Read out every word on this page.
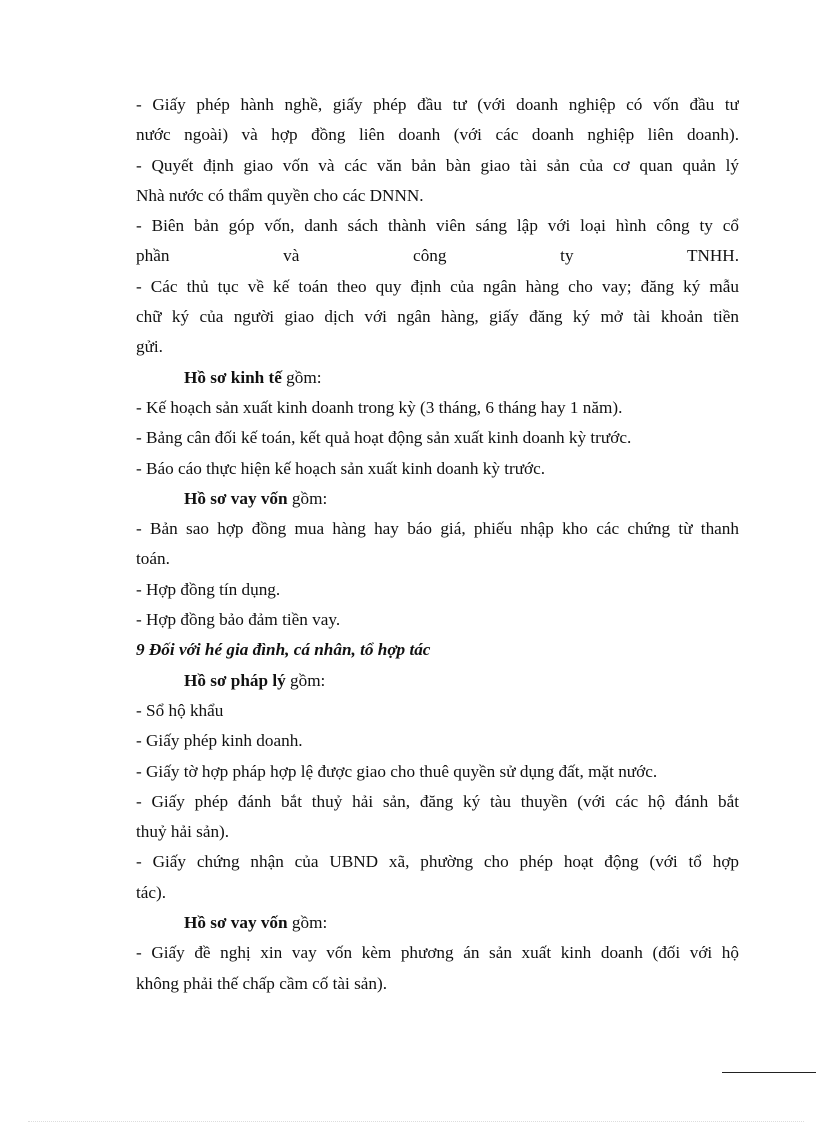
- Giấy phép hành nghề, giấy phép đầu tư (với doanh nghiệp có vốn đầu tư
nước ngoài) và hợp đồng liên doanh (với các doanh nghiệp liên doanh).
- Quyết định giao vốn và các văn bản bàn giao tài sản của cơ quan quản lý
Nhà nước có thẩm quyền cho các DNNN.
- Biên bản góp vốn, danh sách thành viên sáng lập với loại hình công ty cổ
phần và công ty TNHH.
- Các thủ tục về kế toán theo quy định của ngân hàng cho vay; đăng ký mẫu
chữ ký của người giao dịch với ngân hàng, giấy đăng ký mở tài khoản tiền
gửi.
Hồ sơ kinh tế gồm:
- Kế hoạch sản xuất kinh doanh trong kỳ (3 tháng, 6 tháng hay 1 năm).
- Bảng cân đối kế toán, kết quả hoạt động sản xuất kinh doanh kỳ trước.
- Báo cáo thực hiện kế hoạch sản xuất kinh doanh kỳ trước.
Hồ sơ vay vốn gồm:
- Bản sao hợp đồng mua hàng hay báo giá, phiếu nhập kho các chứng từ thanh
toán.
- Hợp đồng tín dụng.
- Hợp đồng bảo đảm tiền vay.
9 Đối với hé gia đình, cá nhân, tổ hợp tác
Hồ sơ pháp lý gồm:
- Sổ hộ khẩu
- Giấy phép kinh doanh.
- Giấy tờ hợp pháp hợp lệ được giao cho thuê quyền sử dụng đất, mặt nước.
- Giấy phép đánh bắt thuỷ hải sản, đăng ký tàu thuyền (với các hộ đánh bắt
thuỷ hải sản).
- Giấy chứng nhận của UBND xã, phường cho phép hoạt động (với tổ hợp
tác).
Hồ sơ vay vốn gồm:
- Giấy đề nghị xin vay vốn kèm phương án sản xuất kinh doanh (đối với hộ
không phải thế chấp cầm cố tài sản).
